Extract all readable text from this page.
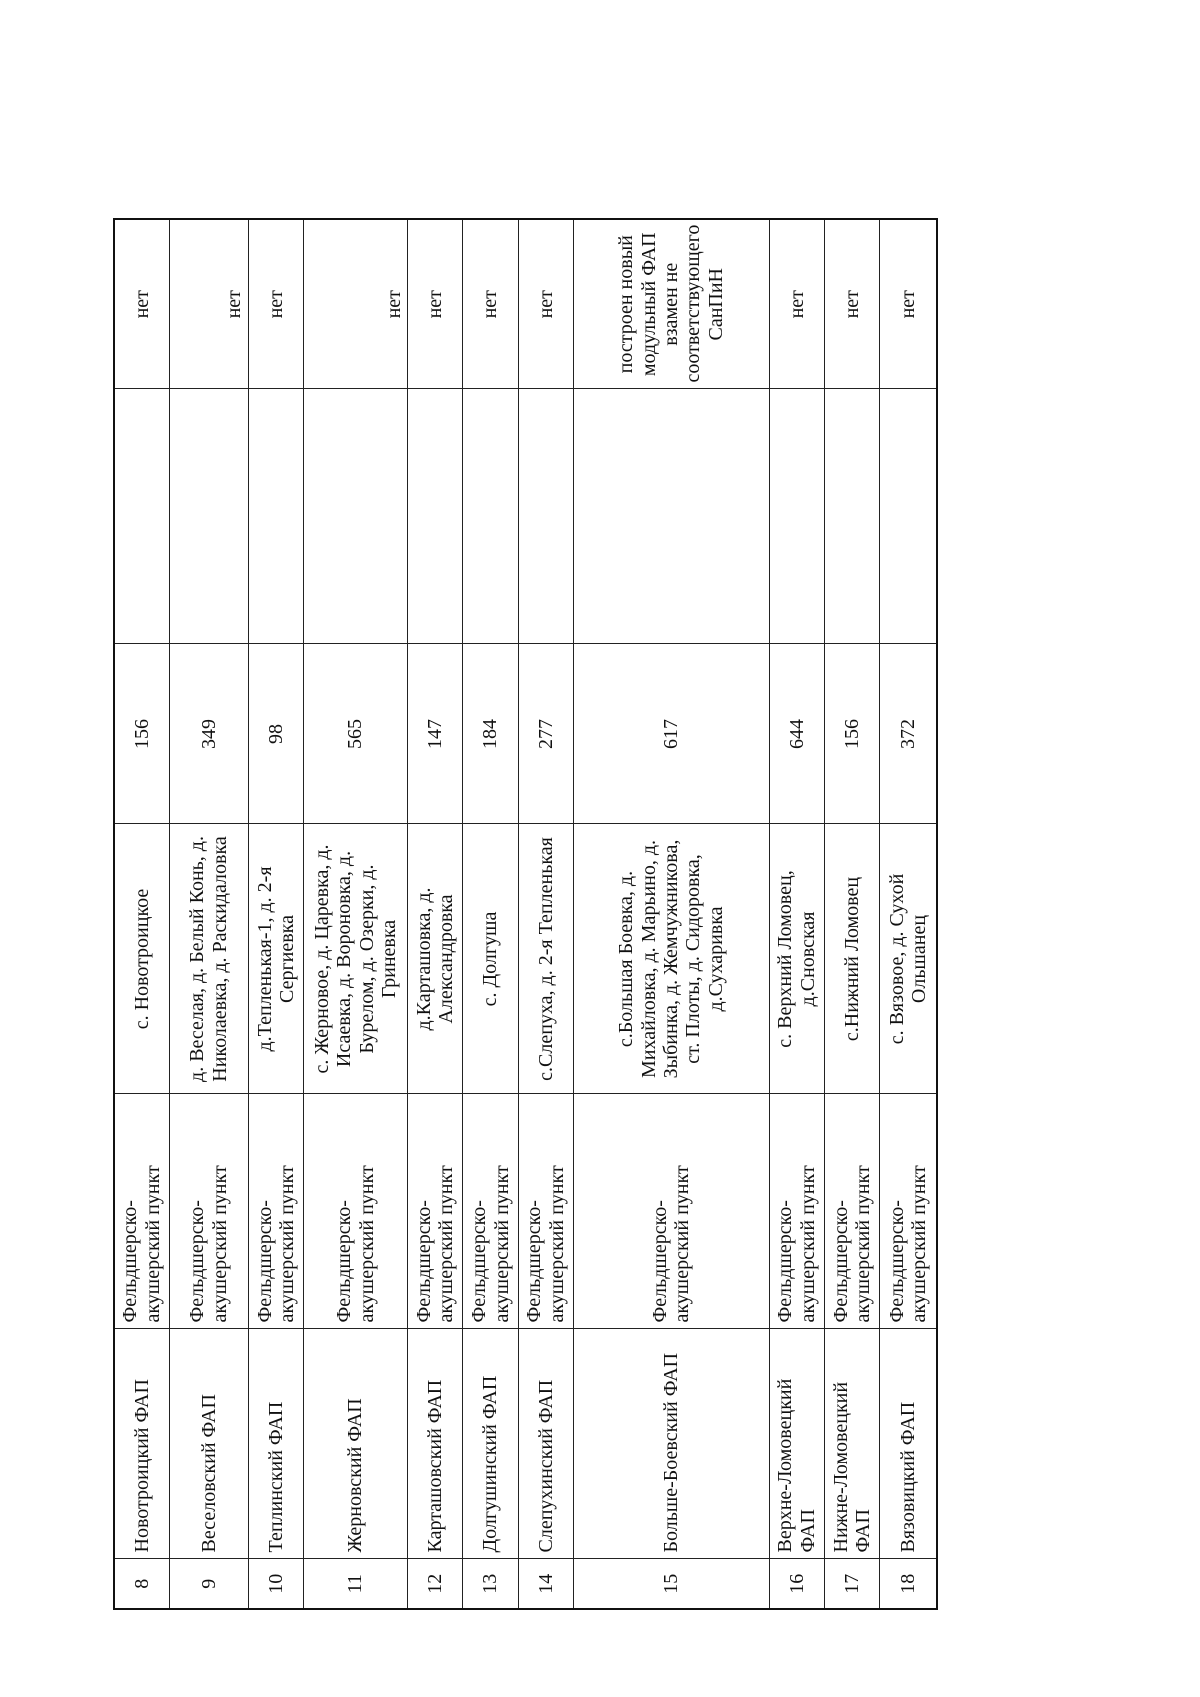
8	Новотроицкий ФАП	Фельдшерско-акушерский пункт	с. Новотроицкое	156		нет
9	Веселовский ФАП	Фельдшерско-акушерский пункт	д. Веселая, д. Белый Конь, д. Николаевка, д. Раскидаловка	349		нет
10	Теплинский ФАП	Фельдшерско-акушерский пункт	д.Тепленькая-1, д. 2-я Сергиевка	98		нет
11	Жерновский ФАП	Фельдшерско-акушерский пункт	с. Жерновое, д. Царевка, д. Исаевка, д. Вороновка, д. Бурелом, д. Озерки, д. Гриневка	565		нет
12	Карташовский ФАП	Фельдшерско-акушерский пункт	д.Карташовка, д. Александровка	147		нет
13	Долгушинский ФАП	Фельдшерско-акушерский пункт	с. Долгуша	184		нет
14	Слепухинский ФАП	Фельдшерско-акушерский пункт	с.Слепуха, д. 2-я Тепленькая	277		нет
15	Больше-Боевский ФАП	Фельдшерско-акушерский пункт	с.Большая Боевка, д. Михайловка, д. Марьино, д. Зыбинка, д. Жемчужникова, ст. Плоты, д. Сидоровка, д.Сухаривка	617		построен новый модульный ФАП взамен не соответствующего СанПиН
16	Верхне-Ломовецкий ФАП	Фельдшерско-акушерский пункт	с. Верхний Ломовец, д.Сновская	644		нет
17	Нижне-Ломовецкий ФАП	Фельдшерско-акушерский пункт	с.Нижний Ломовец	156		нет
18	Вязовицкий ФАП	Фельдшерско-акушерский пункт	с. Вязовое, д. Сухой Ольшанец	372		нет
